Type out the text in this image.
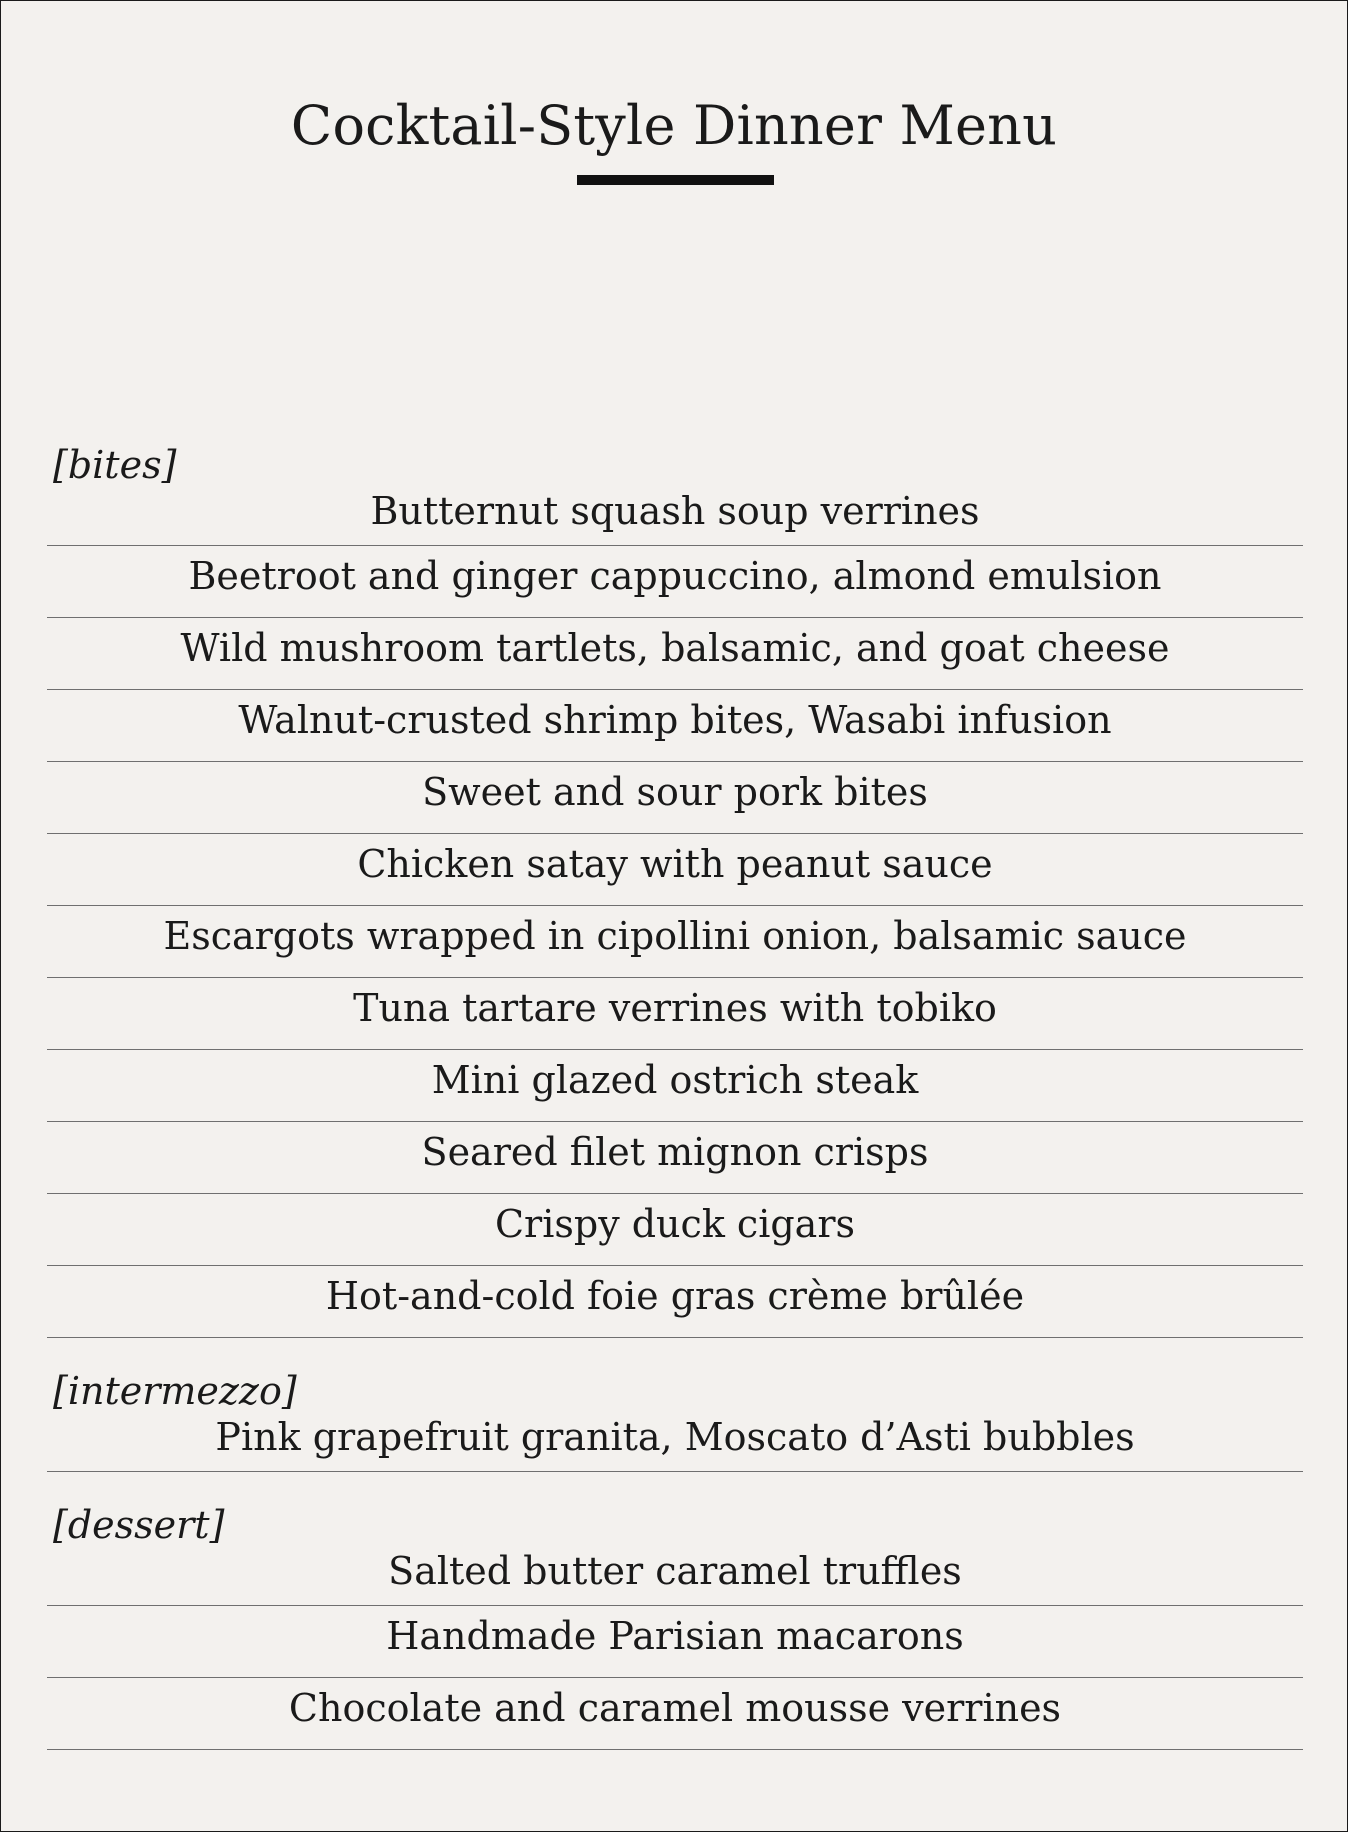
Cocktail-Style Dinner Menu
[bites]
Butternut squash soup verrines
Beetroot and ginger cappuccino, almond emulsion
Wild mushroom tartlets, balsamic, and goat cheese
Walnut-crusted shrimp bites, Wasabi infusion
Sweet and sour pork bites
Chicken satay with peanut sauce
Escargots wrapped in cipollini onion, balsamic sauce
Tuna tartare verrines with tobiko
Mini glazed ostrich steak
Seared filet mignon crisps
Crispy duck cigars
Hot-and-cold foie gras crème brûlée
[intermezzo]
Pink grapefruit granita, Moscato d’Asti bubbles
[dessert]
Salted butter caramel truffles
Handmade Parisian macarons
Chocolate and caramel mousse verrines
